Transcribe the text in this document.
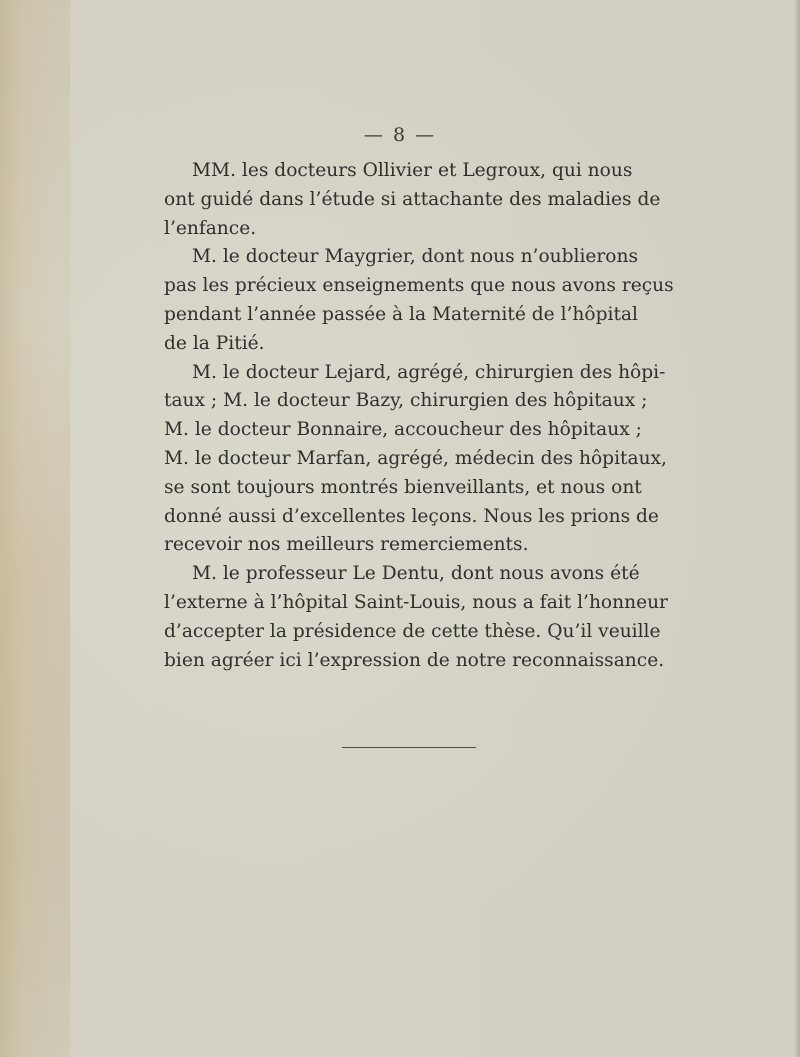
— 8 —

MM. les docteurs Ollivier et Legroux, qui nous
ont guidé dans l’étude si attachante des maladies de
l’enfance.

M. le docteur Maygrier, dont nous n’oublierons
pas les précieux enseignements que nous avons reçus
pendant l’année passée à la Maternité de l’hôpital
de la Pitié.

M. le docteur Lejard, agrégé, chirurgien des hôpi-
taux ; M. le docteur Bazy, chirurgien des hôpitaux ;
M. le docteur Bonnaire, accoucheur des hôpitaux ;
M. le docteur Marfan, agrégé, médecin des hôpitaux,
se sont toujours montrés bienveillants, et nous ont
donné aussi d’excellentes leçons. Nous les prions de
recevoir nos meilleurs remerciements.

M. le professeur Le Dentu, dont nous avons été
l’externe à l’hôpital Saint-Louis, nous a fait l’honneur
d’accepter la présidence de cette thèse. Qu’il veuille
bien agréer ici l’expression de notre reconnaissance.
